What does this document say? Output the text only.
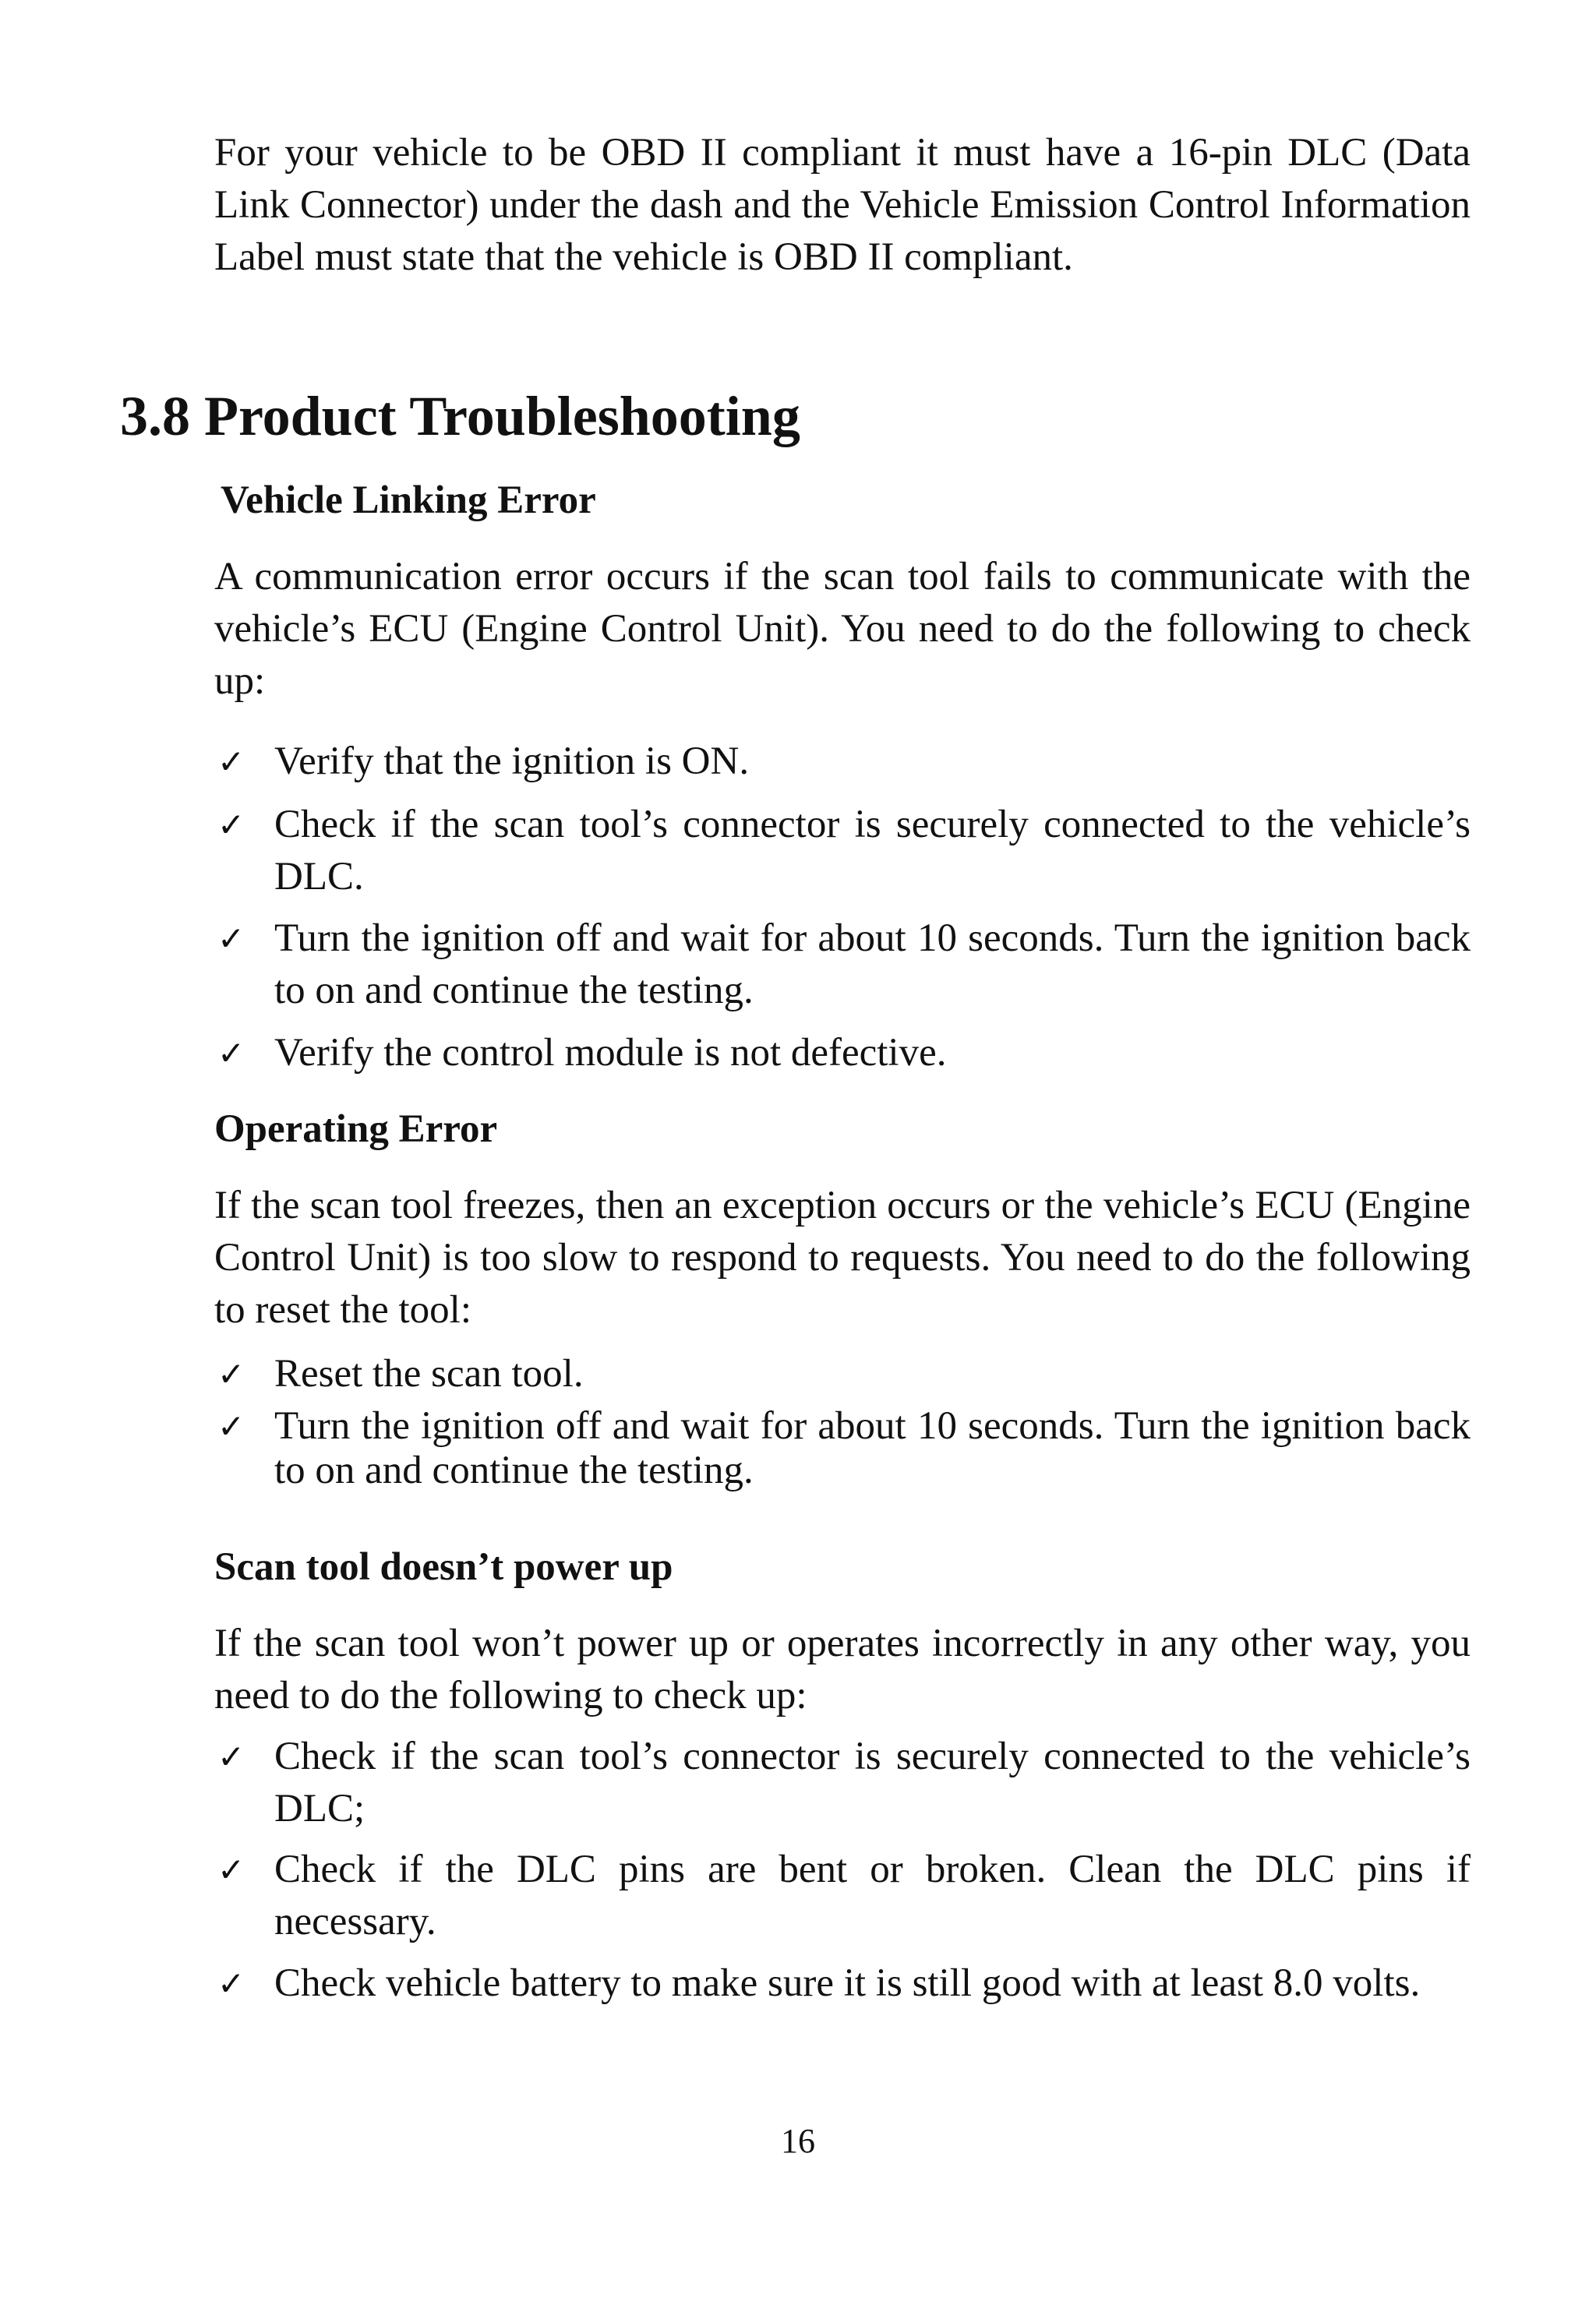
For your vehicle to be OBD II compliant it must have a 16-pin DLC (Data Link Connector) under the dash and the Vehicle Emission Control Information Label must state that the vehicle is OBD II compliant.

3.8 Product Troubleshooting
Vehicle Linking Error

A communication error occurs if the scan tool fails to communicate with the vehicle’s ECU (Engine Control Unit). You need to do the following to check up:

✓ Verify that the ignition is ON.
✓ Check if the scan tool’s connector is securely connected to the vehicle’s DLC.
✓ Turn the ignition off and wait for about 10 seconds. Turn the ignition back to on and continue the testing.
✓ Verify the control module is not defective.
Operating Error

If the scan tool freezes, then an exception occurs or the vehicle’s ECU (Engine Control Unit) is too slow to respond to requests. You need to do the following to reset the tool:

✓ Reset the scan tool.
✓ Turn the ignition off and wait for about 10 seconds. Turn the ignition back to on and continue the testing.
Scan tool doesn’t power up

If the scan tool won’t power up or operates incorrectly in any other way, you need to do the following to check up:

✓ Check if the scan tool’s connector is securely connected to the vehicle’s DLC;
✓ Check if the DLC pins are bent or broken. Clean the DLC pins if necessary.
✓ Check vehicle battery to make sure it is still good with at least 8.0 volts.

16
